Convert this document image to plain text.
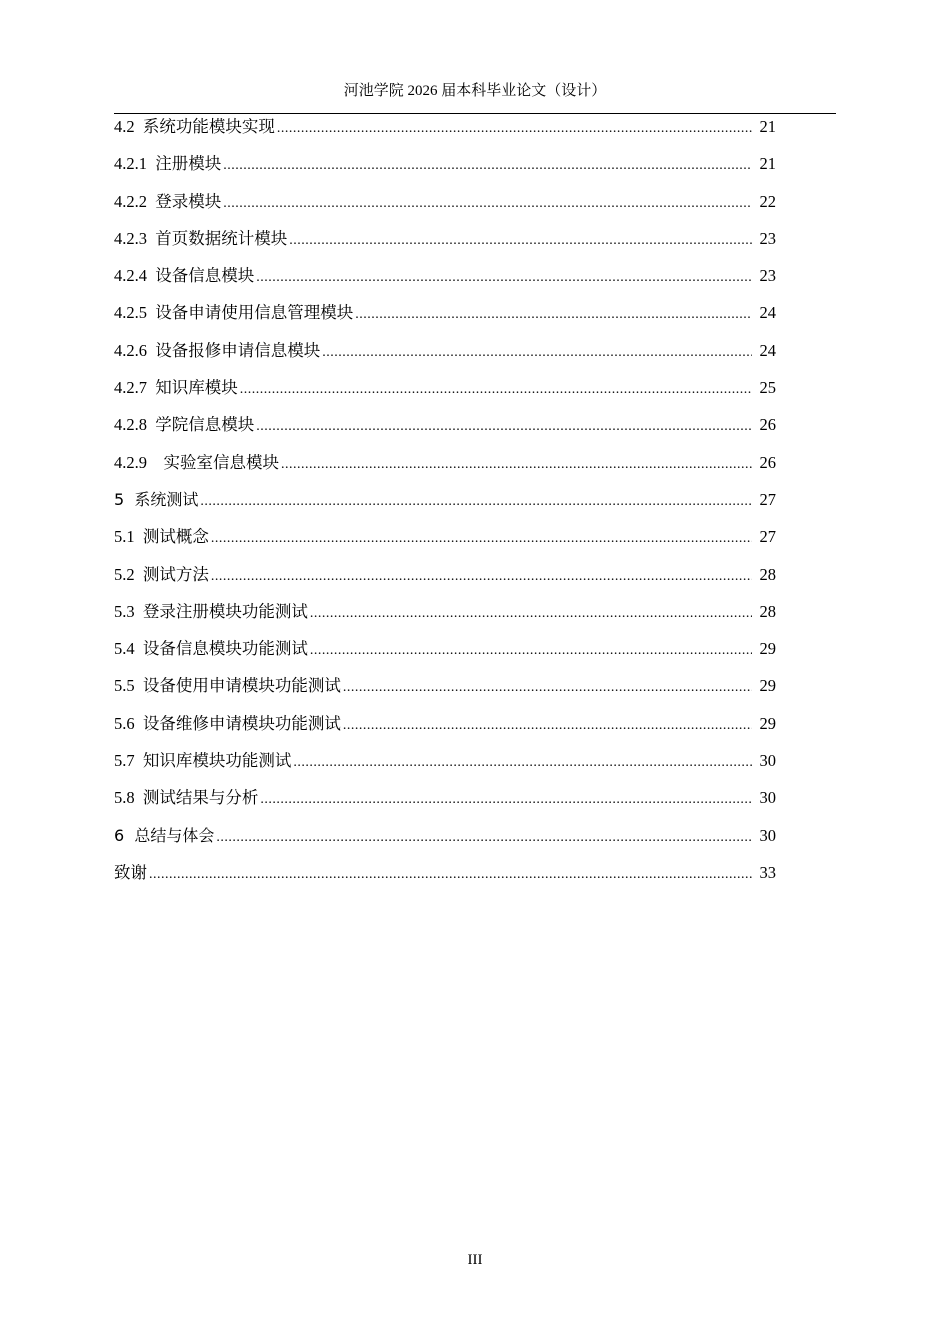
河池学院 2026 届本科毕业论文（设计）
4.2  系统功能模块实现 .....	21
4.2.1  注册模块 .....	21
4.2.2  登录模块 .....	22
4.2.3  首页数据统计模块 .....	23
4.2.4  设备信息模块 .....	23
4.2.5  设备申请使用信息管理模块 .....	24
4.2.6  设备报修申请信息模块 .....	24
4.2.7  知识库模块 .....	25
4.2.8  学院信息模块 .....	26
4.2.9    实验室信息模块 .....	26
5  系统测试 .....	27
5.1  测试概念 .....	27
5.2  测试方法 .....	28
5.3  登录注册模块功能测试 .....	28
5.4  设备信息模块功能测试 .....	29
5.5  设备使用申请模块功能测试 .....	29
5.6  设备维修申请模块功能测试 .....	29
5.7  知识库模块功能测试 .....	30
5.8  测试结果与分析 .....	30
6  总结与体会 .....	30
致谢 .....	33
III
